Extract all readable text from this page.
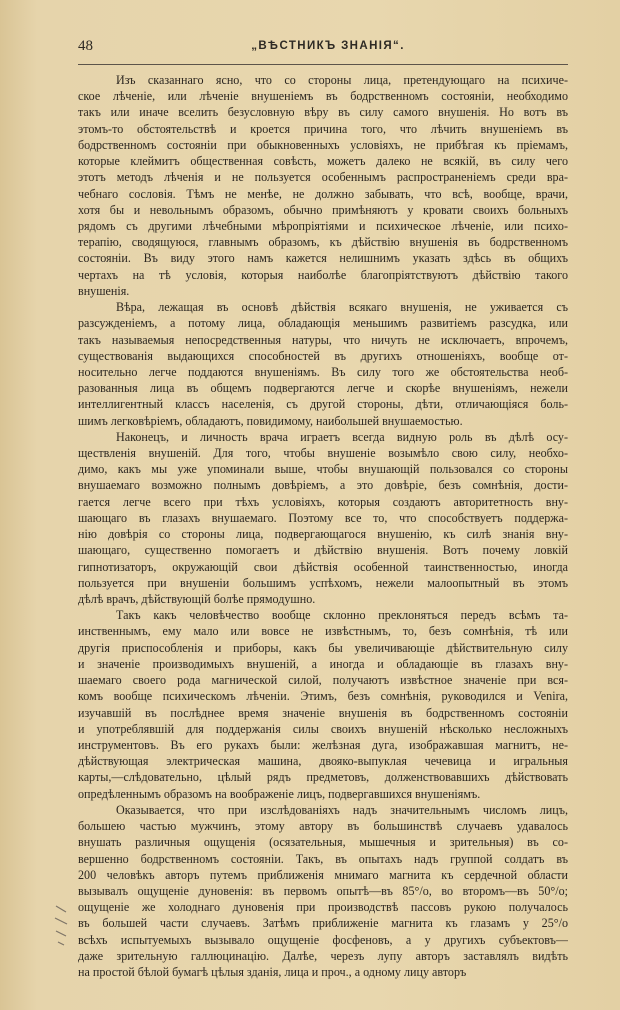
48	„ВѢСТНИКЪ ЗНАНІЯ“.
Изъ сказаннаго ясно, что со стороны лица, претендующаго на психиче-
ское лѣченіе, или лѣченіе внушеніемъ въ бодрственномъ состояніи, необходимо
такъ или иначе вселить безусловную вѣру въ силу самого внушенія. Но вотъ въ
этомъ-то обстоятельствѣ и кроется причина того, что лѣчить внушеніемъ въ
бодрственномъ состояніи при обыкновенныхъ условіяхъ, не прибѣгая къ пріемамъ,
которые клеймитъ общественная совѣсть, можетъ далеко не всякій, въ силу чего
этотъ методъ лѣченія и не пользуется особеннымъ распространеніемъ среди вра-
чебнаго сословія. Тѣмъ не менѣе, не должно забывать, что всѣ, вообще, врачи,
хотя бы и невольнымъ образомъ, обычно примѣняютъ у кровати своихъ больныхъ
рядомъ съ другими лѣчебными мѣропріятіями и психическое лѣченіе, или психо-
терапію, сводящуюся, главнымъ образомъ, къ дѣйствію внушенія въ бодрственномъ
состояніи. Въ виду этого намъ кажется нелишнимъ указать здѣсь въ общихъ
чертахъ на тѣ условія, которыя наиболѣе благопріятствуютъ дѣйствію такого
внушенія.
Вѣра, лежащая въ основѣ дѣйствія всякаго внушенія, не уживается съ
разсужденіемъ, а потому лица, обладающія меньшимъ развитіемъ разсудка, или
такъ называемыя непосредственныя натуры, что ничуть не исключаетъ, впрочемъ,
существованія выдающихся способностей въ другихъ отношеніяхъ, вообще от-
носительно легче поддаются внушеніямъ. Въ силу того же обстоятельства необ-
разованныя лица въ общемъ подвергаются легче и скорѣе внушеніямъ, нежели
интеллигентный классъ населенія, съ другой стороны, дѣти, отличающіяся боль-
шимъ легковѣріемъ, обладаютъ, повидимому, наибольшей внушаемостью.
Наконецъ, и личность врача играетъ всегда видную роль въ дѣлѣ осу-
ществленія внушеній. Для того, чтобы внушеніе возымѣло свою силу, необхо-
димо, какъ мы уже упоминали выше, чтобы внушающій пользовался со стороны
внушаемаго возможно полнымъ довѣріемъ, а это довѣріе, безъ сомнѣнія, дости-
гается легче всего при тѣхъ условіяхъ, которыя создаютъ авторитетность вну-
шающаго въ глазахъ внушаемаго. Поэтому все то, что способствуетъ поддержа-
нію довѣрія со стороны лица, подвергающагося внушенію, къ силѣ знанія вну-
шающаго, существенно помогаетъ и дѣйствію внушенія. Вотъ почему ловкій
гипнотизаторъ, окружающій свои дѣйствія особенной таинственностью, иногда
пользуется при внушеніи большимъ успѣхомъ, нежели малоопытный въ этомъ
дѣлѣ врачъ, дѣйствующій болѣе прямодушно.
Такъ какъ человѣчество вообще склонно преклоняться передъ всѣмъ та-
инственнымъ, ему мало или вовсе не извѣстнымъ, то, безъ сомнѣнія, тѣ или
другія приспособленія и приборы, какъ бы увеличивающіе дѣйствительную силу
и значеніе производимыхъ внушеній, а иногда и обладающіе въ глазахъ вну-
шаемаго своего рода магнической силой, получаютъ извѣстное значеніе при вся-
комъ вообще психическомъ лѣченіи. Этимъ, безъ сомнѣнія, руководился и Venira,
изучавшій въ послѣднее время значеніе внушенія въ бодрственномъ состояніи
и употреблявшій для поддержанія силы своихъ внушеній нѣсколько несложныхъ
инструментовъ. Въ его рукахъ были: желѣзная дуга, изображавшая магнитъ, не-
дѣйствующая электрическая машина, двояко-выпуклая чечевица и игральныя
карты,—слѣдовательно, цѣлый рядъ предметовъ, долженствовавшихъ дѣйствовать
опредѣленнымъ образомъ на воображеніе лицъ, подвергавшихся внушеніямъ.
Оказывается, что при изслѣдованіяхъ надъ значительнымъ числомъ лицъ,
большею частью мужчинъ, этому автору въ большинствѣ случаевъ удавалось
внушать различныя ощущенія (осязательныя, мышечныя и зрительныя) въ со-
вершенно бодрственномъ состояніи. Такъ, въ опытахъ надъ группой солдатъ въ
200 человѣкъ авторъ путемъ приближенія мнимаго магнита къ сердечной области
вызывалъ ощущеніе дуновенія: въ первомъ опытѣ—въ 85°/о, во второмъ—въ 50°/о;
ощущеніе же холоднаго дуновенія при производствѣ пассовъ рукою получалось
въ большей части случаевъ. Затѣмъ приближеніе магнита къ глазамъ у 25°/о
всѣхъ испытуемыхъ вызывало ощущеніе фосфеновъ, а у другихъ субъектовъ—
даже зрительную галлюцинацію. Далѣе, черезъ лупу авторъ заставлялъ видѣть
на простой бѣлой бумагѣ цѣлыя зданія, лица и проч., а одному лицу авторъ
